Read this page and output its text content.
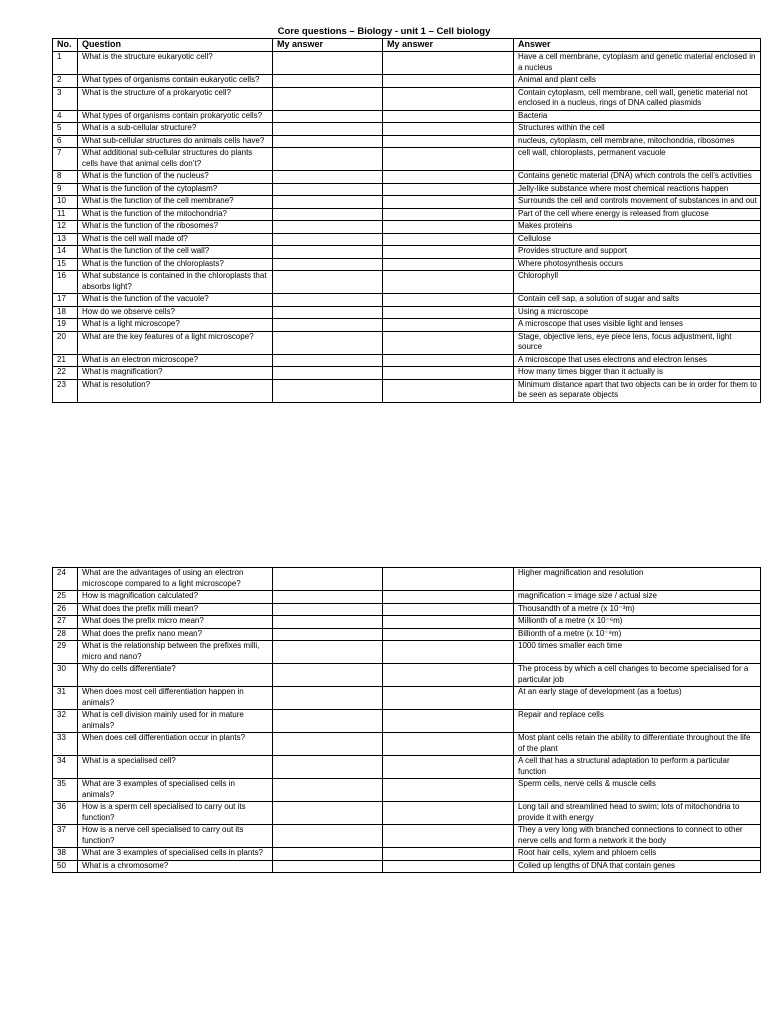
Core questions – Biology - unit 1 – Cell biology
No.	Question	My answer	My answer	Answer
1	What is the structure eukaryotic cell?			Have a cell membrane, cytoplasm and genetic material enclosed in a nucleus
2	What types of organisms contain eukaryotic cells?			Animal and plant cells
3	What is the structure of a prokaryotic cell?			Contain cytoplasm, cell membrane, cell wall, genetic material not enclosed in a nucleus, rings of DNA called plasmids
4	What types of organisms contain prokaryotic cells?			Bacteria
5	What is a sub-cellular structure?			Structures within the cell
6	What sub-cellular structures do animals cells have?			nucleus, cytoplasm, cell membrane, mitochondria, ribosomes
7	What additional sub-cellular structures do plants cells have that animal cells don’t?			cell wall, chloroplasts, permanent vacuole
8	What is the function of the nucleus?			Contains genetic material (DNA) which controls the cell’s activities
9	What is the function of the cytoplasm?			Jelly-like substance where most chemical reactions happen
10	What is the function of the cell membrane?			Surrounds the cell and controls movement of substances in and out
11	What is the function of the mitochondria?			Part of the cell where energy is released from glucose
12	What is the function of the ribosomes?			Makes proteins
13	What is the cell wall made of?			Cellulose
14	What is the function of the cell wall?			Provides structure and support
15	What is the function of the chloroplasts?			Where photosynthesis occurs
16	What substance is contained in the chloroplasts that absorbs light?			Chlorophyll
17	What is the function of the vacuole?			Contain cell sap, a solution of sugar and salts
18	How do we observe cells?			Using a microscope
19	What is a light microscope?			A microscope that uses visible light and lenses
20	What are the key features of a light microscope?			Stage, objective lens, eye piece lens, focus adjustment, light source
21	What is an electron microscope?			A microscope that uses electrons and electron lenses
22	What is magnification?			How many times bigger than it actually is
23	What is resolution?			Minimum distance apart that two objects can be in order for them to be seen as separate objects
24	What are the advantages of using an electron microscope compared to a light microscope?			Higher magnification and resolution
25	How is magnification calculated?			magnification = image size / actual size
26	What does the prefix milli mean?			Thousandth of a metre (x 10⁻³m)
27	What does the prefix micro mean?			Millionth of a metre (x 10⁻⁶m)
28	What does the prefix nano mean?			Billionth of a metre (x 10⁻⁹m)
29	What is the relationship between the prefixes milli, micro and nano?			1000 times smaller each time
30	Why do cells differentiate?			The process by which a cell changes to become specialised for a particular job
31	When does most cell differentiation happen in animals?			At an early stage of development (as a foetus)
32	What is cell division mainly used for in mature animals?			Repair and replace cells
33	When does cell differentiation occur in plants?			Most plant cells retain the ability to differentiate throughout the life of the plant
34	What is a specialised cell?			A cell that has a structural adaptation to perform a particular function
35	What are 3 examples of specialised cells in animals?			Sperm cells, nerve cells & muscle cells
36	How is a sperm cell specialised to carry out its function?			Long tail and streamlined head to swim; lots of mitochondria to provide it with energy
37	How is a nerve cell specialised to carry out its function?			They a very long with branched connections to connect to other nerve cells and form a network it the body
38	What are 3 examples of specialised cells in plants?			Root hair cells, xylem and phloem cells
50	What is a chromosome?			Coiled up lengths of DNA that contain genes
